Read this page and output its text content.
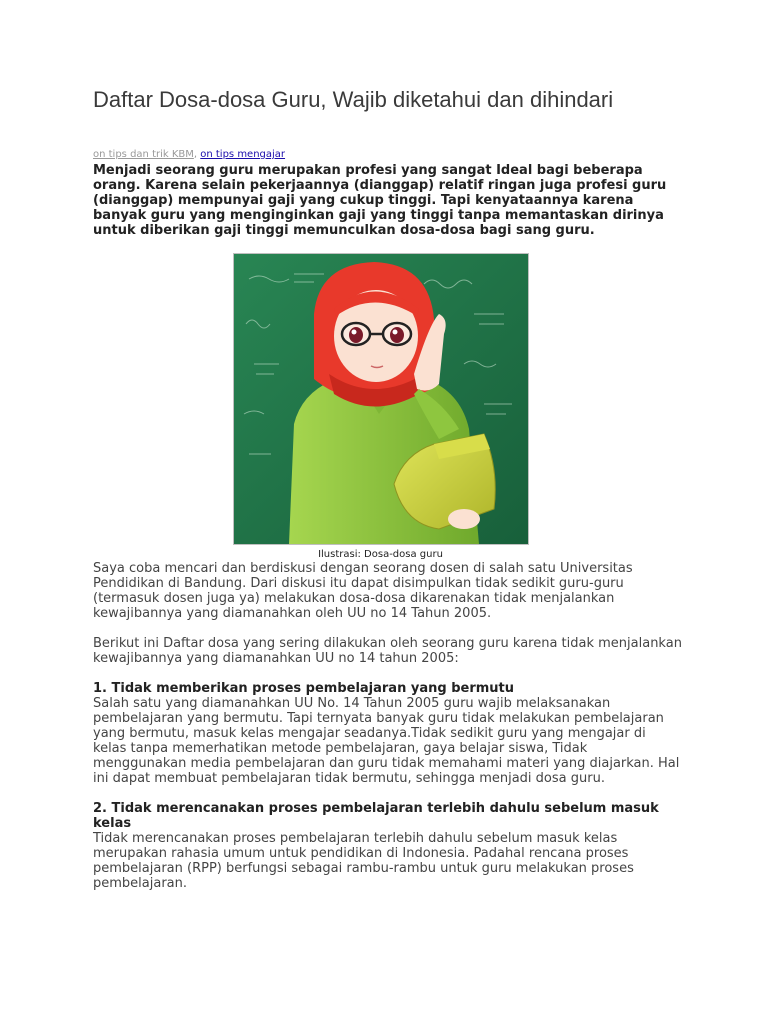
Daftar Dosa-dosa Guru, Wajib diketahui dan dihindari
on tips dan trik KBM, on tips mengajar

Menjadi seorang guru merupakan profesi yang sangat Ideal bagi beberapa orang. Karena selain pekerjaannya (dianggap) relatif ringan juga profesi guru (dianggap) mempunyai gaji yang cukup tinggi. Tapi kenyataannya karena banyak guru yang menginginkan gaji yang tinggi tanpa memantaskan dirinya untuk diberikan gaji tinggi memunculkan dosa-dosa bagi sang guru.

Ilustrasi: Dosa-dosa guru

Saya coba mencari dan berdiskusi dengan seorang dosen di salah satu Universitas Pendidikan di Bandung. Dari diskusi itu dapat disimpulkan tidak sedikit guru-guru (termasuk dosen juga ya) melakukan dosa-dosa dikarenakan tidak menjalankan kewajibannya yang diamanahkan oleh UU no 14 Tahun 2005.

Berikut ini Daftar dosa yang sering dilakukan oleh seorang guru karena tidak menjalankan kewajibannya yang diamanahkan UU no 14 tahun 2005:

1. Tidak memberikan proses pembelajaran yang bermutu

Salah satu yang diamanahkan UU No. 14 Tahun 2005 guru wajib melaksanakan pembelajaran yang bermutu. Tapi ternyata banyak guru tidak melakukan pembelajaran yang bermutu, masuk kelas mengajar seadanya.Tidak sedikit guru yang mengajar di kelas tanpa memerhatikan metode pembelajaran, gaya belajar siswa, Tidak menggunakan media pembelajaran dan guru tidak memahami materi yang diajarkan. Hal ini dapat membuat pembelajaran tidak bermutu, sehingga menjadi dosa guru.

2. Tidak merencanakan proses pembelajaran terlebih dahulu sebelum masuk kelas

Tidak merencanakan proses pembelajaran terlebih dahulu sebelum masuk kelas merupakan rahasia umum untuk pendidikan di Indonesia. Padahal rencana proses pembelajaran (RPP) berfungsi sebagai rambu-rambu untuk guru melakukan proses pembelajaran.
